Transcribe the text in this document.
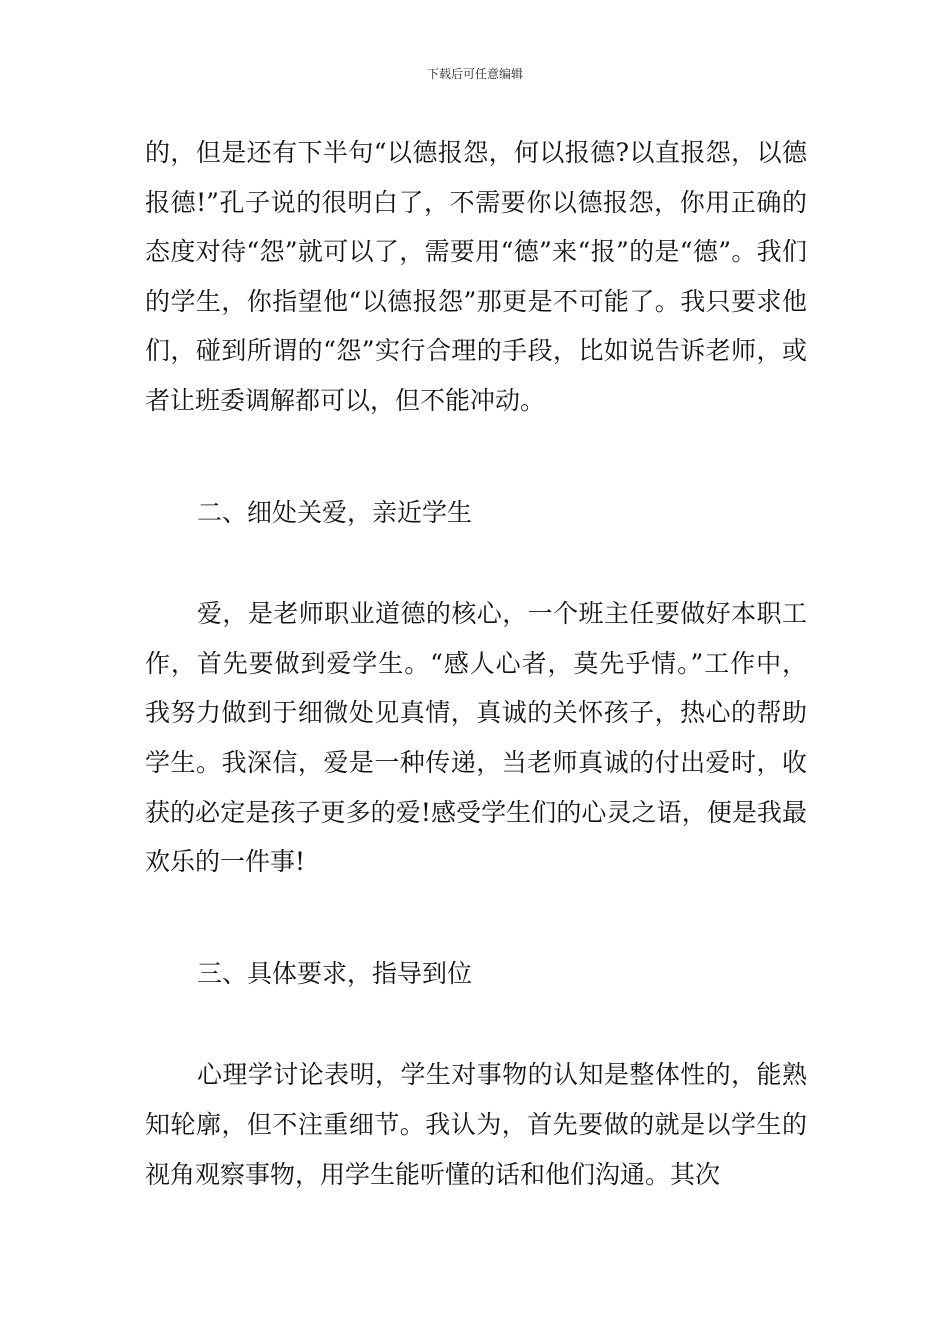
下载后可任意编辑

的，但是还有下半句“以德报怨，何以报德?以直报怨，以德报德!”孔子说的很明白了，不需要你以德报怨，你用正确的态度对待“怨”就可以了，需要用“德”来“报”的是“德”。我们的学生，你指望他“以德报怨”那更是不可能了。我只要求他们，碰到所谓的“怨”实行合理的手段，比如说告诉老师，或者让班委调解都可以，但不能冲动。

二、细处关爱，亲近学生

爱，是老师职业道德的核心，一个班主任要做好本职工作，首先要做到爱学生。“感人心者，莫先乎情。”工作中，我努力做到于细微处见真情，真诚的关怀孩子，热心的帮助学生。我深信，爱是一种传递，当老师真诚的付出爱时，收获的必定是孩子更多的爱!感受学生们的心灵之语，便是我最欢乐的一件事!

三、具体要求，指导到位

心理学讨论表明，学生对事物的认知是整体性的，能熟知轮廓，但不注重细节。我认为，首先要做的就是以学生的视角观察事物，用学生能听懂的话和他们沟通。其次
